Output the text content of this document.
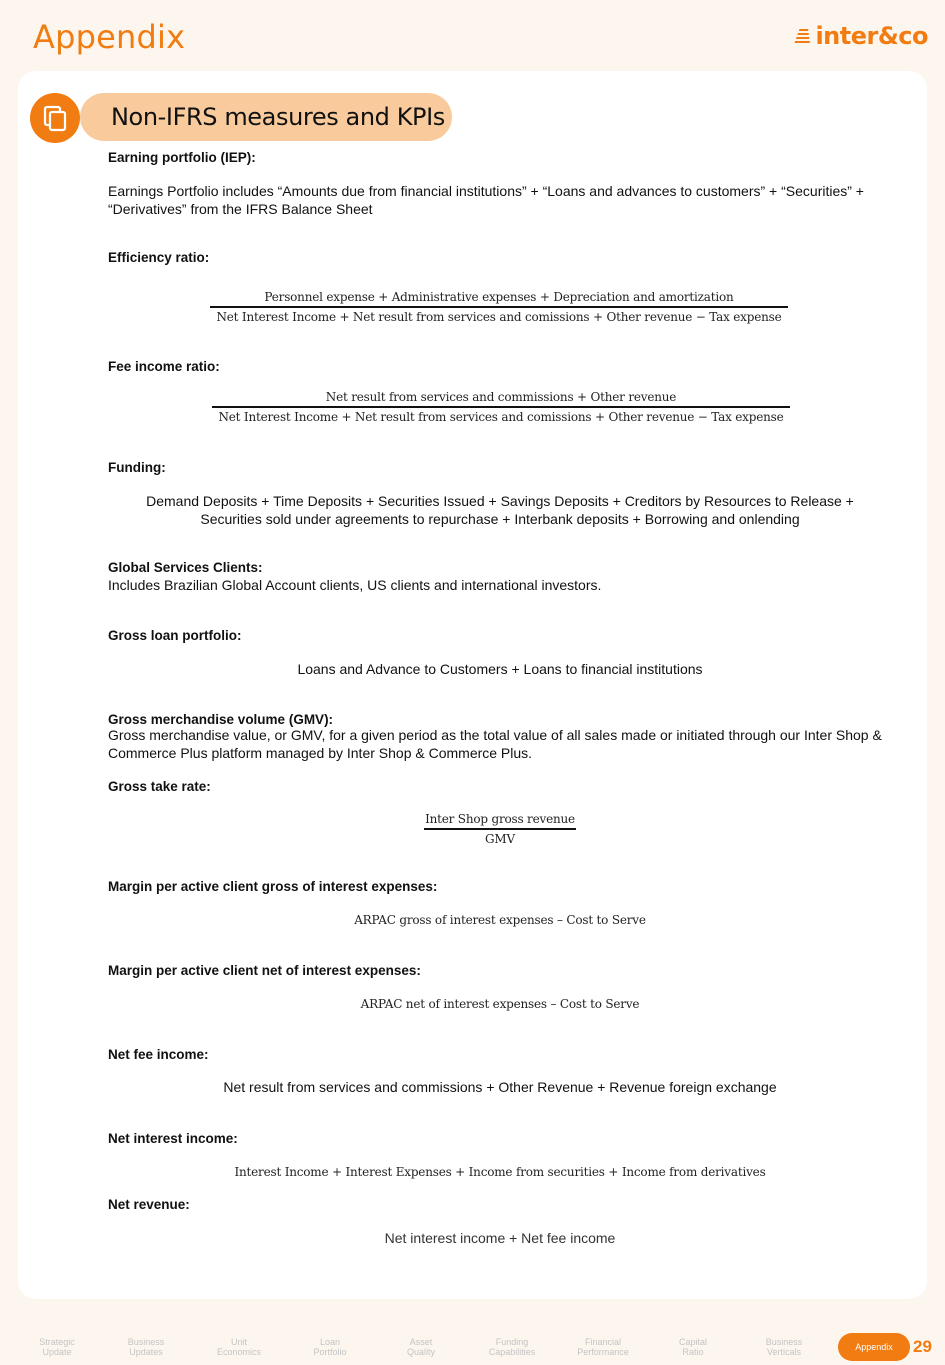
Appendix	inter&co
Non-IFRS measures and KPIs
Earning portfolio (IEP):
Earnings Portfolio includes “Amounts due from financial institutions” + “Loans and advances to customers” + “Securities” + “Derivatives” from the IFRS Balance Sheet
Efficiency ratio:
Personnel expense + Administrative expenses + Depreciation and amortization
Net Interest Income + Net result from services and comissions + Other revenue − Tax expense
Fee income ratio:
Net result from services and commissions + Other revenue
Net Interest Income + Net result from services and comissions + Other revenue − Tax expense
Funding:
Demand Deposits + Time Deposits + Securities Issued + Savings Deposits + Creditors by Resources to Release + Securities sold under agreements to repurchase + Interbank deposits + Borrowing and onlending
Global Services Clients:
Includes Brazilian Global Account clients, US clients and international investors.
Gross loan portfolio:
Loans and Advance to Customers + Loans to financial institutions
Gross merchandise volume (GMV):
Gross merchandise value, or GMV, for a given period as the total value of all sales made or initiated through our Inter Shop & Commerce Plus platform managed by Inter Shop & Commerce Plus.
Gross take rate:
Inter Shop gross revenue
GMV
Margin per active client gross of interest expenses:
ARPAC gross of interest expenses – Cost to Serve
Margin per active client net of interest expenses:
ARPAC net of interest expenses – Cost to Serve
Net fee income:
Net result from services and commissions + Other Revenue + Revenue foreign exchange
Net interest income:
Interest Income + Interest Expenses + Income from securities + Income from derivatives
Net revenue:
Net interest income + Net fee income
Strategic
Update
Business
Updates
Unit
Economics
Loan
Portfolio
Asset
Quality
Funding
Capabilities
Financial
Performance
Capital
Ratio
Business
Verticals	Appendix	29
